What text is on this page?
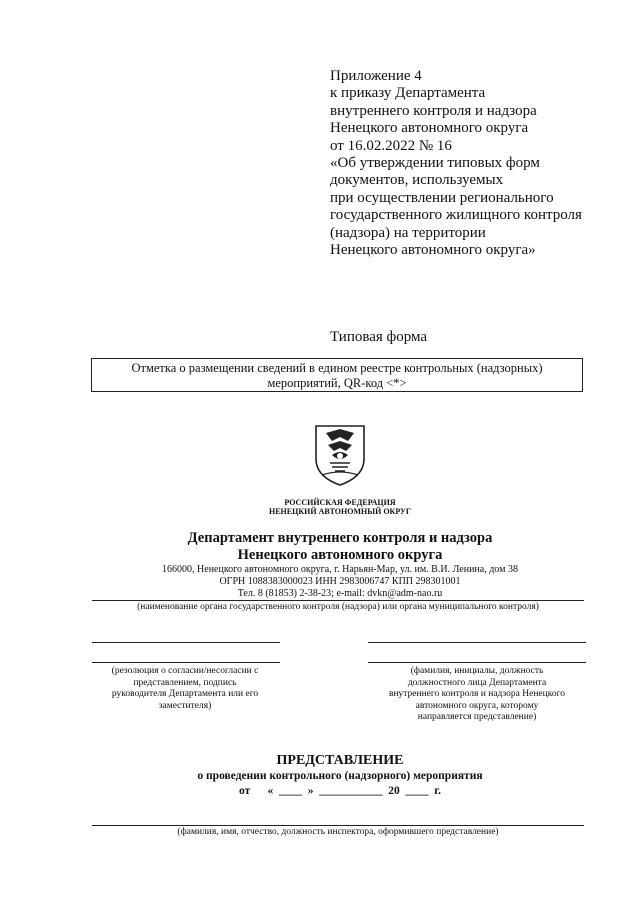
Приложение 4
к приказу Департамента
внутреннего контроля и надзора
Ненецкого автономного округа
от 16.02.2022 № 16
«Об утверждении типовых форм
документов, используемых
при осуществлении регионального
государственного жилищного контроля
(надзора) на территории
Ненецкого автономного округа»
Типовая форма
Отметка о размещении сведений в едином реестре контрольных (надзорных)
мероприятий, QR-код <*>
РОССИЙСКАЯ ФЕДЕРАЦИЯ
НЕНЕЦКИЙ АВТОНОМНЫЙ ОКРУГ
Департамент внутреннего контроля и надзора
Ненецкого автономного округа
166000, Ненецкого автономного округа, г. Нарьян-Мар, ул. им. В.И. Ленина, дом 38
ОГРН 1088383000023 ИНН 2983006747 КПП 298301001
Тел. 8 (81853) 2-38-23; e-mail: dvkn@adm-nao.ru
(наименование органа государственного контроля (надзора) или органа муниципального контроля)
(резолюция о согласии/несогласии с
представлением, подпись
руководителя Департамента или его
заместителя)
(фамилия, инициалы, должность
должностного лица Департамента
внутреннего контроля и надзора Ненецкого
автономного округа, которому
направляется представление)
ПРЕДСТАВЛЕНИЕ
о проведении контрольного (надзорного) мероприятия
от      «  ____  »  ___________  20  ____  г.
(фамилия, имя, отчество, должность инспектора, оформившего представление)
